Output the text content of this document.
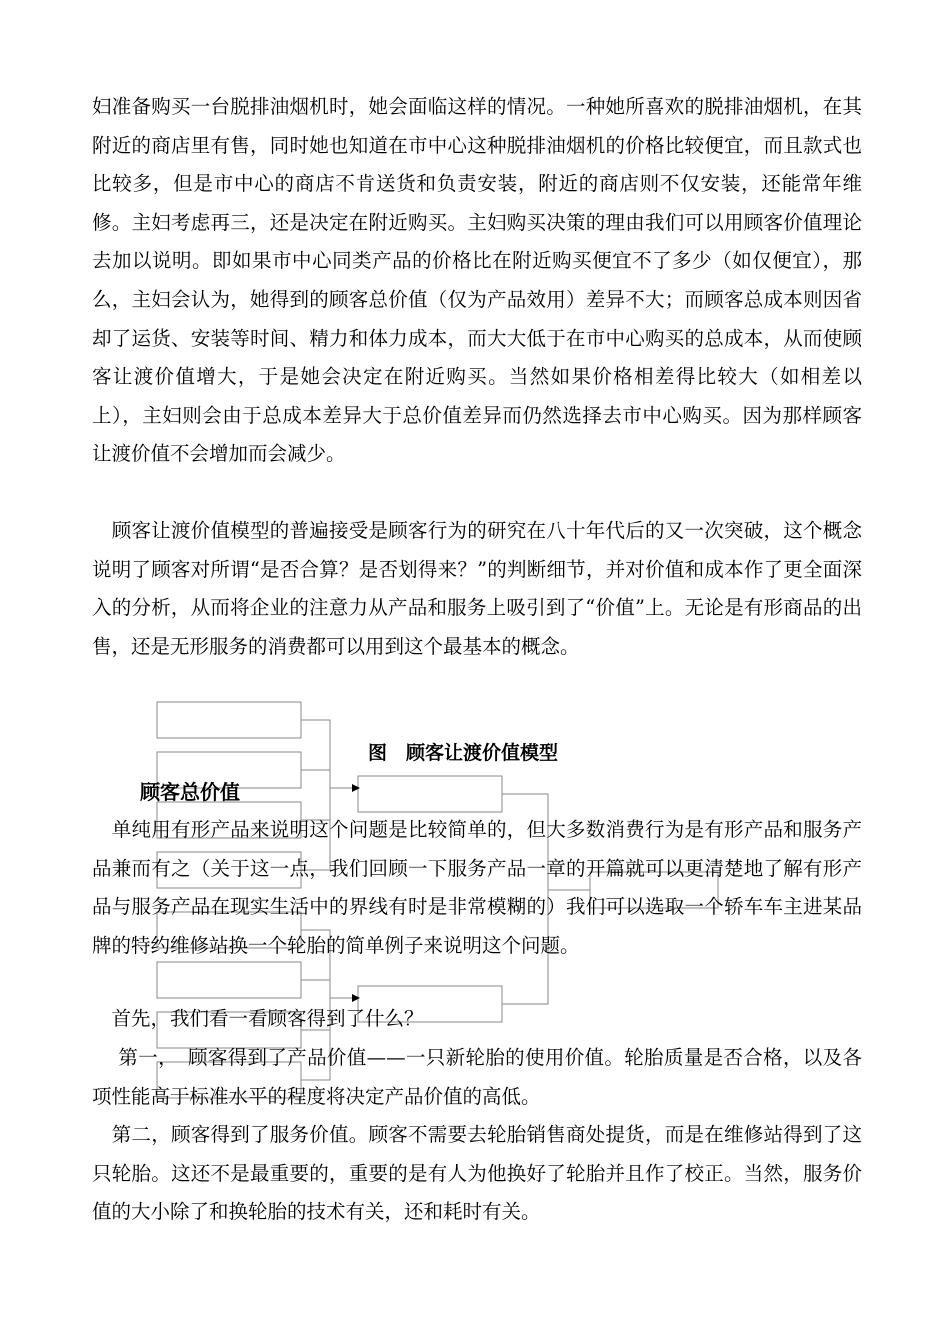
妇准备购买一台脱排油烟机时，她会面临这样的情况。一种她所喜欢的脱排油烟机，在其附近的商店里有售，同时她也知道在市中心这种脱排油烟机的价格比较便宜，而且款式也比较多，但是市中心的商店不肯送货和负责安装，附近的商店则不仅安装，还能常年维修。主妇考虑再三，还是决定在附近购买。主妇购买决策的理由我们可以用顾客价值理论去加以说明。即如果市中心同类产品的价格比在附近购买便宜不了多少（如仅便宜），那么，主妇会认为，她得到的顾客总价值（仅为产品效用）差异不大；而顾客总成本则因省却了运货、安装等时间、精力和体力成本，而大大低于在市中心购买的总成本，从而使顾客让渡价值增大，于是她会决定在附近购买。当然如果价格相差得比较大（如相差以上），主妇则会由于总成本差异大于总价值差异而仍然选择去市中心购买。因为那样顾客让渡价值不会增加而会减少。

　顾客让渡价值模型的普遍接受是顾客行为的研究在八十年代后的又一次突破，这个概念说明了顾客对所谓“是否合算？是否划得来？”的判断细节，并对价值和成本作了更全面深入的分析，从而将企业的注意力从产品和服务上吸引到了“价值”上。无论是有形商品的出售，还是无形服务的消费都可以用到这个最基本的概念。

图　顾客让渡价值模型

顾客总价值

　单纯用有形产品来说明这个问题是比较简单的，但大多数消费行为是有形产品和服务产品兼而有之（关于这一点，我们回顾一下服务产品一章的开篇就可以更清楚地了解有形产品与服务产品在现实生活中的界线有时是非常模糊的）我们可以选取一个轿车车主进某品牌的特约维修站换一个轮胎的简单例子来说明这个问题。

　首先，我们看一看顾客得到了什么？

　 第一，　顾客得到了产品价值——一只新轮胎的使用价值。轮胎质量是否合格，以及各项性能高于标准水平的程度将决定产品价值的高低。

　第二，顾客得到了服务价值。顾客不需要去轮胎销售商处提货，而是在维修站得到了这只轮胎。这还不是最重要的，重要的是有人为他换好了轮胎并且作了校正。当然，服务价值的大小除了和换轮胎的技术有关，还和耗时有关。
